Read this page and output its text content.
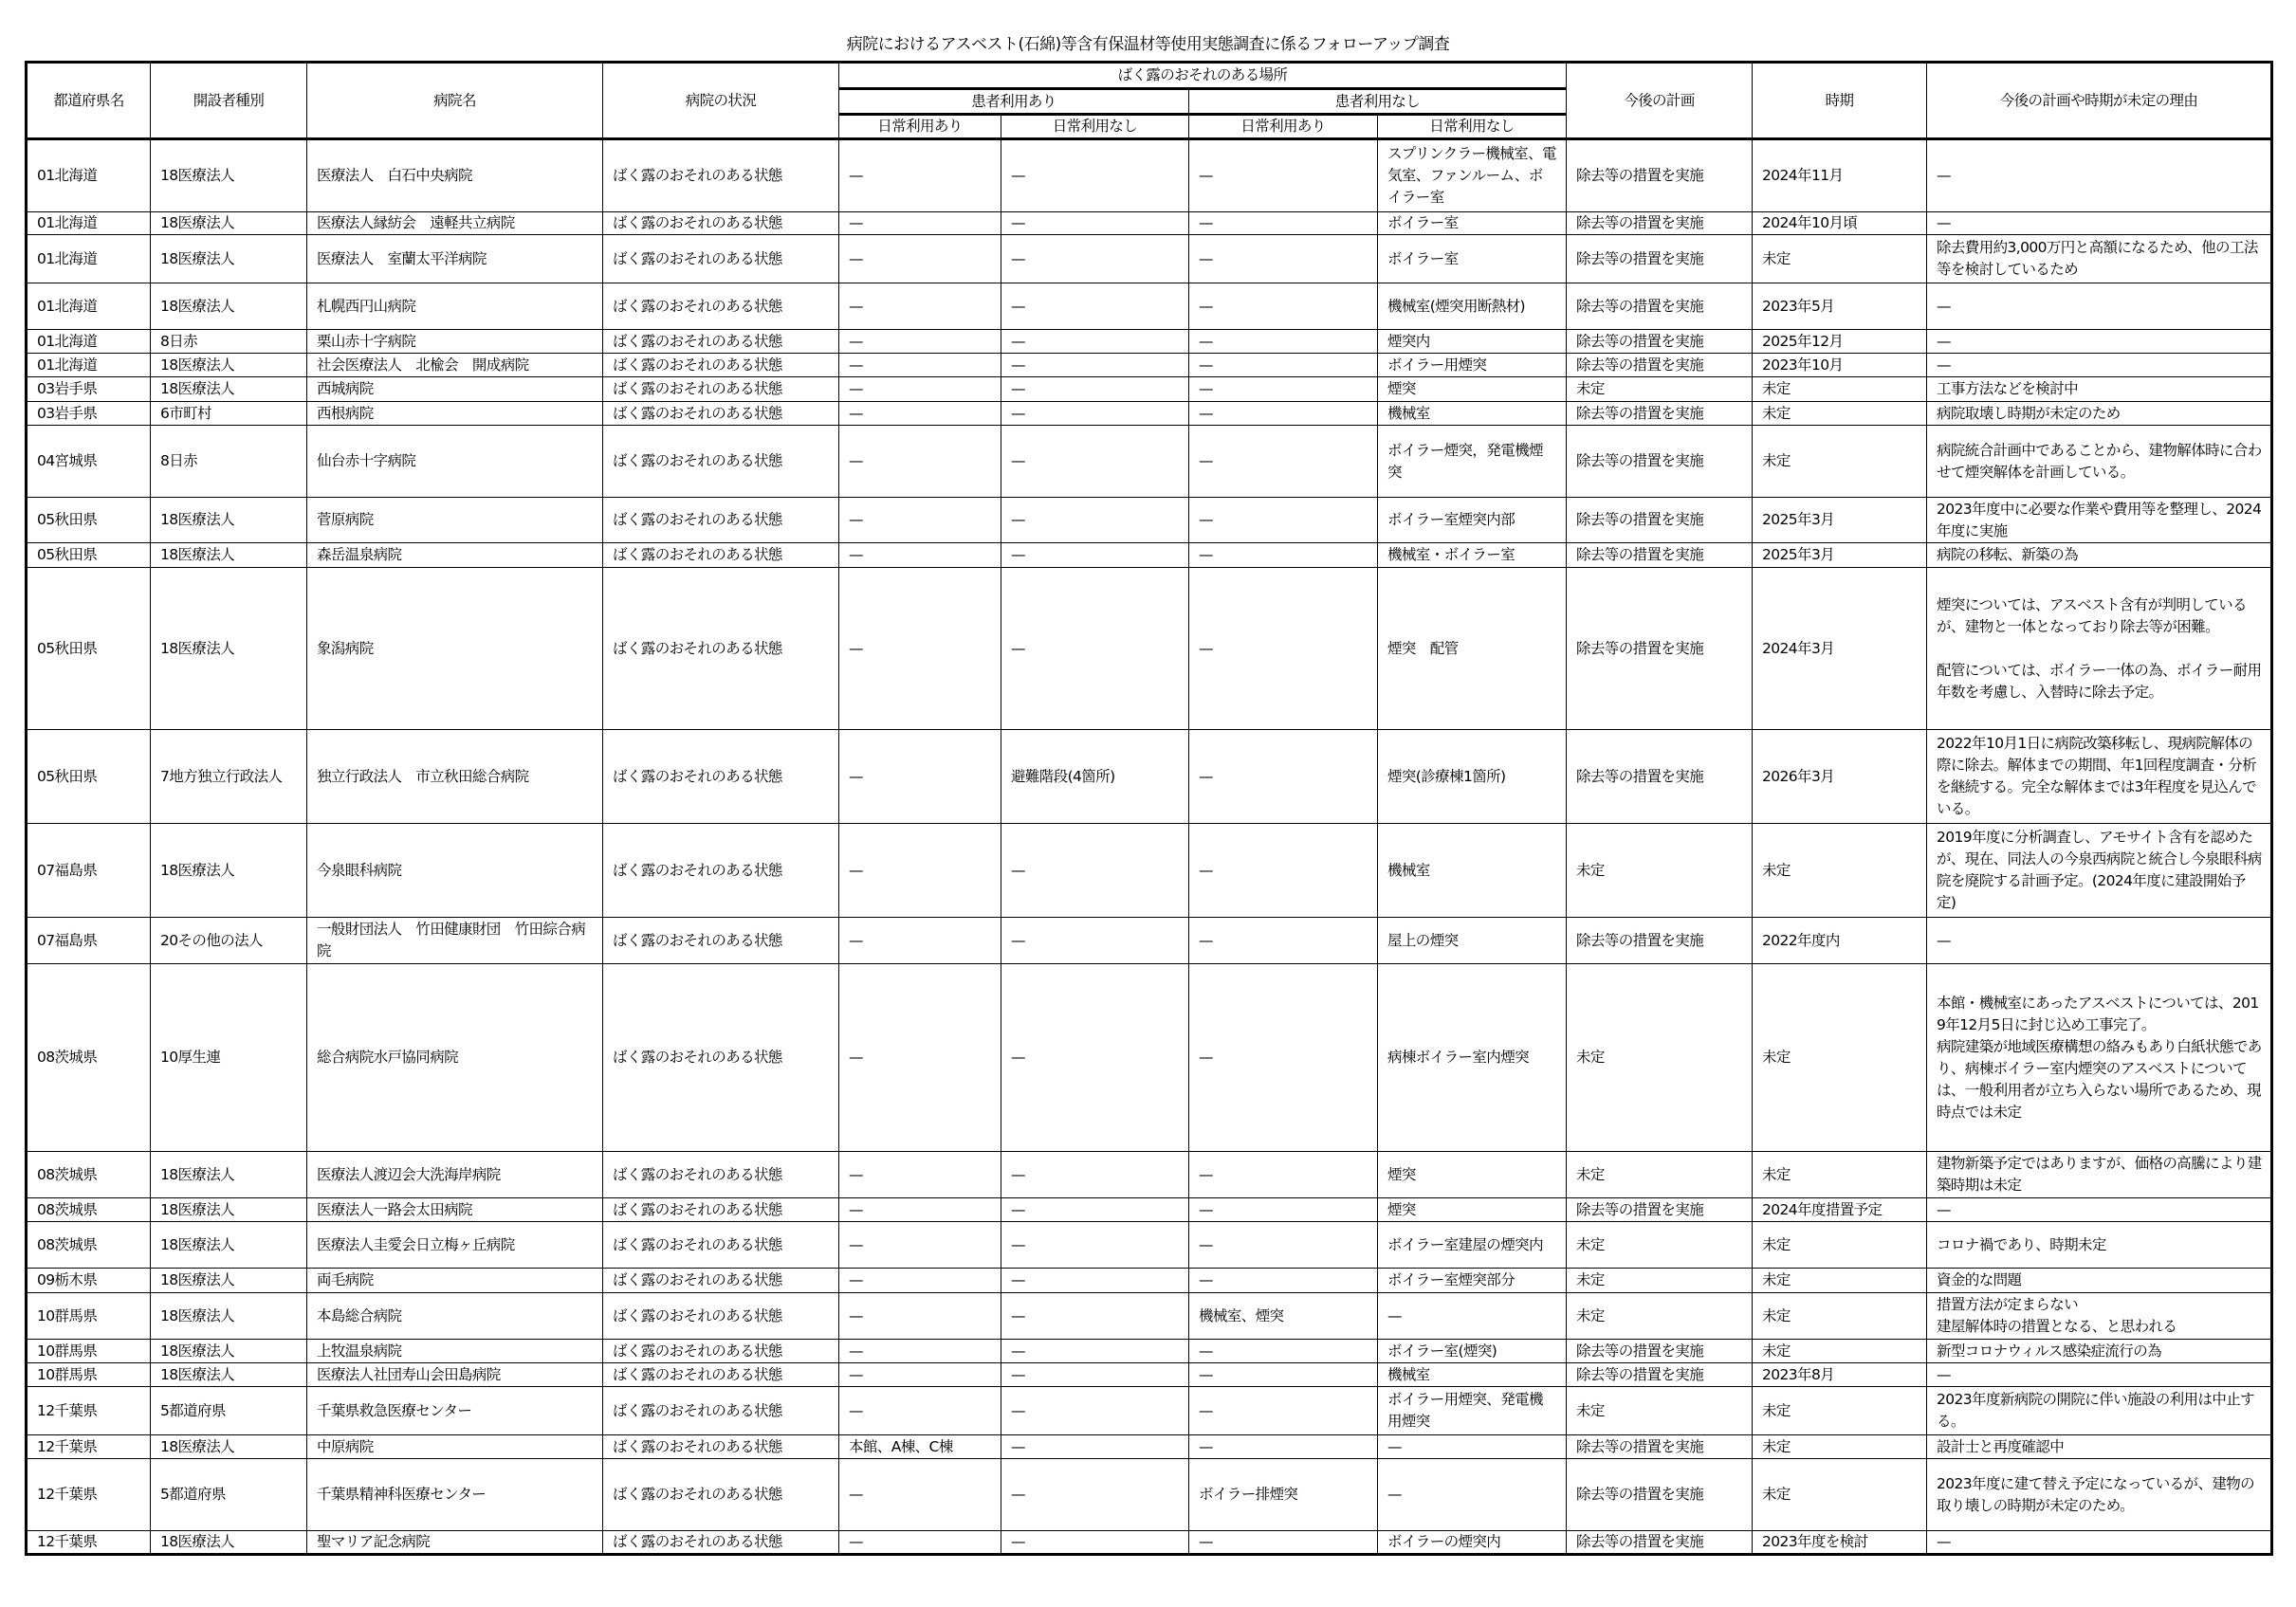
病院におけるアスベスト(石綿)等含有保温材等使用実態調査に係るフォローアップ調査
都道府県名	開設者種別	病院名	病院の状況	ばく露のおそれのある場所				今後の計画	時期	今後の計画や時期が未定の理由
				患者利用あり		患者利用なし				
				日常利用あり	日常利用なし	日常利用あり	日常利用なし			
01北海道	18医療法人	医療法人　白石中央病院	ばく露のおそれのある状態	—	—	—	スプリンクラー機械室、電気室、ファンルーム、ボイラー室	除去等の措置を実施	2024年11月	—
01北海道	18医療法人	医療法人縁紡会　遠軽共立病院	ばく露のおそれのある状態	—	—	—	ボイラー室	除去等の措置を実施	2024年10月頃	—
01北海道	18医療法人	医療法人　室蘭太平洋病院	ばく露のおそれのある状態	—	—	—	ボイラー室	除去等の措置を実施	未定	除去費用約3,000万円と高額になるため、他の工法等を検討しているため
01北海道	18医療法人	札幌西円山病院	ばく露のおそれのある状態	—	—	—	機械室(煙突用断熱材)	除去等の措置を実施	2023年5月	—
01北海道	8日赤	栗山赤十字病院	ばく露のおそれのある状態	—	—	—	煙突内	除去等の措置を実施	2025年12月	—
01北海道	18医療法人	社会医療法人　北楡会　開成病院	ばく露のおそれのある状態	—	—	—	ボイラー用煙突	除去等の措置を実施	2023年10月	—
03岩手県	18医療法人	西城病院	ばく露のおそれのある状態	—	—	—	煙突	未定	未定	工事方法などを検討中
03岩手県	6市町村	西根病院	ばく露のおそれのある状態	—	—	—	機械室	除去等の措置を実施	未定	病院取壊し時期が未定のため
04宮城県	8日赤	仙台赤十字病院	ばく露のおそれのある状態	—	—	—	ボイラー煙突，発電機煙突	除去等の措置を実施	未定	病院統合計画中であることから、建物解体時に合わせて煙突解体を計画している。
05秋田県	18医療法人	菅原病院	ばく露のおそれのある状態	—	—	—	ボイラー室煙突内部	除去等の措置を実施	2025年3月	2023年度中に必要な作業や費用等を整理し、2024年度に実施
05秋田県	18医療法人	森岳温泉病院	ばく露のおそれのある状態	—	—	—	機械室・ボイラー室	除去等の措置を実施	2025年3月	病院の移転、新築の為
05秋田県	18医療法人	象潟病院	ばく露のおそれのある状態	—	—	—	煙突　配管	除去等の措置を実施	2024年3月	煙突については、アスベスト含有が判明しているが、建物と一体となっており除去等が困難。

配管については、ボイラー一体の為、ボイラー耐用年数を考慮し、入替時に除去予定。
05秋田県	7地方独立行政法人	独立行政法人　市立秋田総合病院	ばく露のおそれのある状態	—	避難階段(4箇所)	—	煙突(診療棟1箇所)	除去等の措置を実施	2026年3月	2022年10月1日に病院改築移転し、現病院解体の際に除去。解体までの期間、年1回程度調査・分析を継続する。完全な解体までは3年程度を見込んでいる。
07福島県	18医療法人	今泉眼科病院	ばく露のおそれのある状態	—	—	—	機械室	未定	未定	2019年度に分析調査し、アモサイト含有を認めたが、現在、同法人の今泉西病院と統合し今泉眼科病院を廃院する計画予定。(2024年度に建設開始予定)
07福島県	20その他の法人	一般財団法人　竹田健康財団　竹田綜合病院	ばく露のおそれのある状態	—	—	—	屋上の煙突	除去等の措置を実施	2022年度内	—
08茨城県	10厚生連	総合病院水戸協同病院	ばく露のおそれのある状態	—	—	—	病棟ボイラー室内煙突	未定	未定	本館・機械室にあったアスベストについては、2019年12月5日に封じ込め工事完了。
病院建築が地域医療構想の絡みもあり白紙状態であり、病棟ボイラー室内煙突のアスベストについては、一般利用者が立ち入らない場所であるため、現時点では未定
08茨城県	18医療法人	医療法人渡辺会大洗海岸病院	ばく露のおそれのある状態	—	—	—	煙突	未定	未定	建物新築予定ではありますが、価格の高騰により建築時期は未定
08茨城県	18医療法人	医療法人一路会太田病院	ばく露のおそれのある状態	—	—	—	煙突	除去等の措置を実施	2024年度措置予定	—
08茨城県	18医療法人	医療法人圭愛会日立梅ヶ丘病院	ばく露のおそれのある状態	—	—	—	ボイラー室建屋の煙突内	未定	未定	コロナ禍であり、時期未定
09栃木県	18医療法人	両毛病院	ばく露のおそれのある状態	—	—	—	ボイラー室煙突部分	未定	未定	資金的な問題
10群馬県	18医療法人	本島総合病院	ばく露のおそれのある状態	—	—	機械室、煙突	—	未定	未定	措置方法が定まらない
建屋解体時の措置となる、と思われる
10群馬県	18医療法人	上牧温泉病院	ばく露のおそれのある状態	—	—	—	ボイラー室(煙突)	除去等の措置を実施	未定	新型コロナウィルス感染症流行の為
10群馬県	18医療法人	医療法人社団寿山会田島病院	ばく露のおそれのある状態	—	—	—	機械室	除去等の措置を実施	2023年8月	—
12千葉県	5都道府県	千葉県救急医療センター	ばく露のおそれのある状態	—	—	—	ボイラー用煙突、発電機用煙突	未定	未定	2023年度新病院の開院に伴い施設の利用は中止する。
12千葉県	18医療法人	中原病院	ばく露のおそれのある状態	本館、A棟、C棟	—	—	—	除去等の措置を実施	未定	設計士と再度確認中
12千葉県	5都道府県	千葉県精神科医療センター	ばく露のおそれのある状態	—	—	ボイラー排煙突	—	除去等の措置を実施	未定	2023年度に建て替え予定になっているが、建物の取り壊しの時期が未定のため。
12千葉県	18医療法人	聖マリア記念病院	ばく露のおそれのある状態	—	—	—	ボイラーの煙突内	除去等の措置を実施	2023年度を検討	—
